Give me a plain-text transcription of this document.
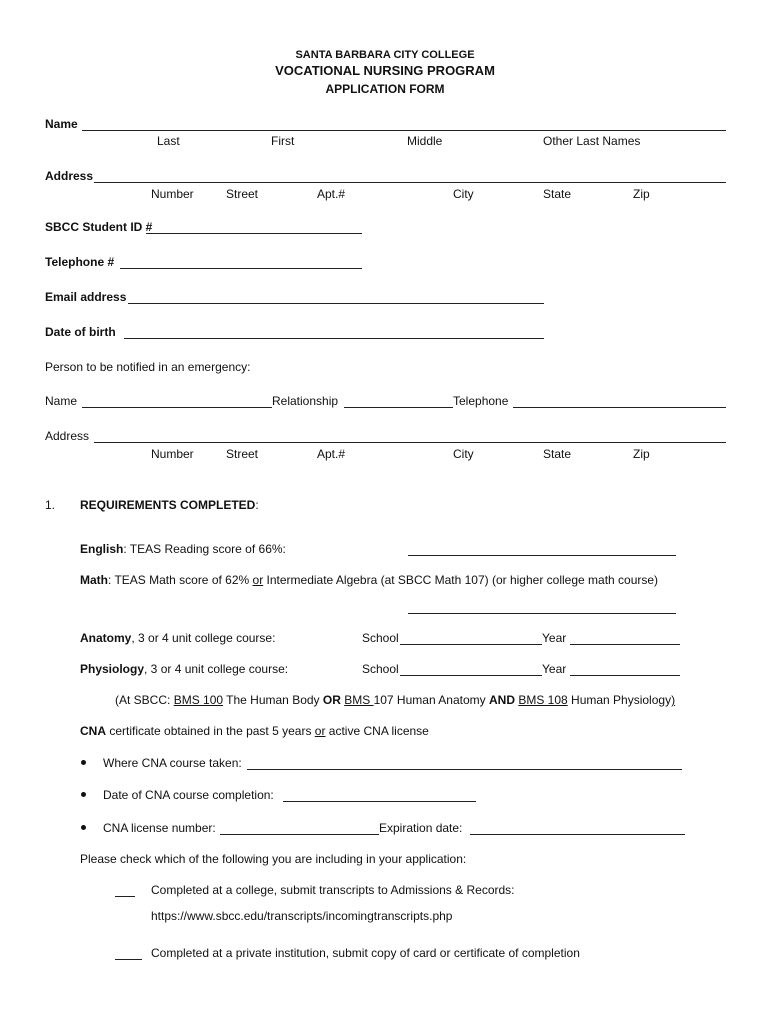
SANTA BARBARA CITY COLLEGE
VOCATIONAL NURSING PROGRAM
APPLICATION FORM
Name
Last	First	Middle	Other Last Names
Address
Number	Street	Apt.#	City	State	Zip
SBCC Student ID #
Telephone #
Email address
Date of birth
Person to be notified in an emergency:
Name	Relationship	Telephone
Address
Number	Street	Apt.#	City	State	Zip
1. REQUIREMENTS COMPLETED:
English: TEAS Reading score of 66%:
Math: TEAS Math score of 62% or Intermediate Algebra (at SBCC Math 107) (or higher college math course)
Anatomy, 3 or 4 unit college course:	School	Year
Physiology, 3 or 4 unit college course:	School	Year
(At SBCC: BMS 100 The Human Body OR BMS 107 Human Anatomy AND BMS 108 Human Physiology)
CNA certificate obtained in the past 5 years or active CNA license
Where CNA course taken:
Date of CNA course completion:
CNA license number:	Expiration date:
Please check which of the following you are including in your application:
Completed at a college, submit transcripts to Admissions & Records:
https://www.sbcc.edu/transcripts/incomingtranscripts.php
Completed at a private institution, submit copy of card or certificate of completion
